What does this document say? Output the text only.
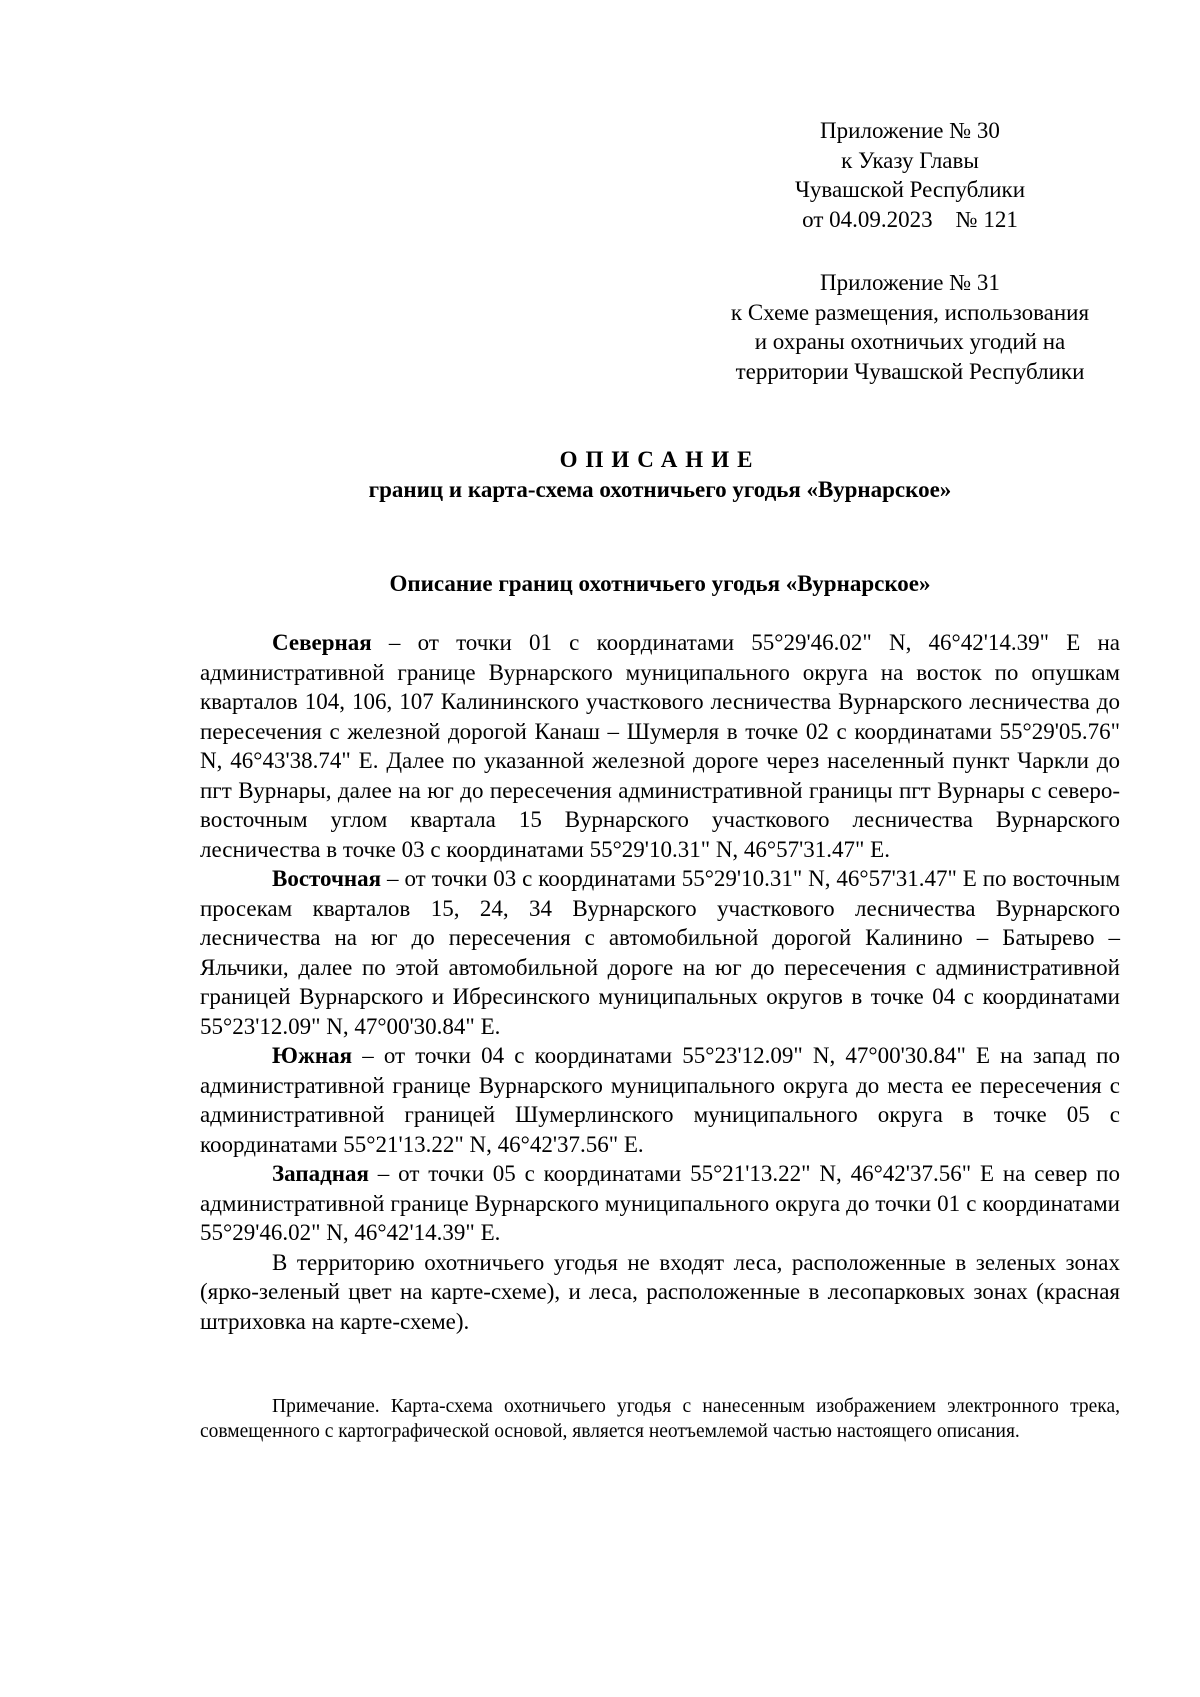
Приложение № 30
к Указу Главы
Чувашской Республики
от 04.09.2023    № 121
Приложение № 31
к Схеме размещения, использования
и охраны охотничьих угодий на
территории Чувашской Республики
ОПИСАНИЕ
границ и карта-схема охотничьего угодья «Вурнарское»
Описание границ охотничьего угодья «Вурнарское»

Северная – от точки 01 с координатами 55°29'46.02" N, 46°42'14.39" E на административной границе Вурнарского муниципального округа на восток по опушкам кварталов 104, 106, 107 Калининского участкового лесничества Вурнарского лесничества до пересечения с железной дорогой Канаш – Шумерля в точке 02 с координатами 55°29'05.76" N, 46°43'38.74" E. Далее по указанной железной дороге через населенный пункт Чаркли до пгт Вурнары, далее на юг до пересечения административной границы пгт Вурнары с северо-восточным углом квартала 15 Вурнарского участкового лесничества Вурнарского лесничества в точке 03 с координатами 55°29'10.31" N, 46°57'31.47" E.

Восточная – от точки 03 с координатами 55°29'10.31" N, 46°57'31.47" E по восточным просекам кварталов 15, 24, 34 Вурнарского участкового лесничества Вурнарского лесничества на юг до пересечения с автомобильной дорогой Калинино – Батырево – Яльчики, далее по этой автомобильной дороге на юг до пересечения с административной границей Вурнарского и Ибресинского муниципальных округов в точке 04 с координатами 55°23'12.09" N, 47°00'30.84" E.

Южная – от точки 04 с координатами 55°23'12.09" N, 47°00'30.84" E на запад по административной границе Вурнарского муниципального округа до места ее пересечения с административной границей Шумерлинского муниципального округа в точке 05 с координатами 55°21'13.22" N, 46°42'37.56" E.

Западная – от точки 05 с координатами 55°21'13.22" N, 46°42'37.56" E на север по административной границе Вурнарского муниципального округа до точки 01 с координатами 55°29'46.02" N, 46°42'14.39" E.

В территорию охотничьего угодья не входят леса, расположенные в зеленых зонах (ярко-зеленый цвет на карте-схеме), и леса, расположенные в лесопарковых зонах (красная штриховка на карте-схеме).

Примечание. Карта-схема охотничьего угодья с нанесенным изображением электронного трека, совмещенного с картографической основой, является неотъемлемой частью настоящего описания.
